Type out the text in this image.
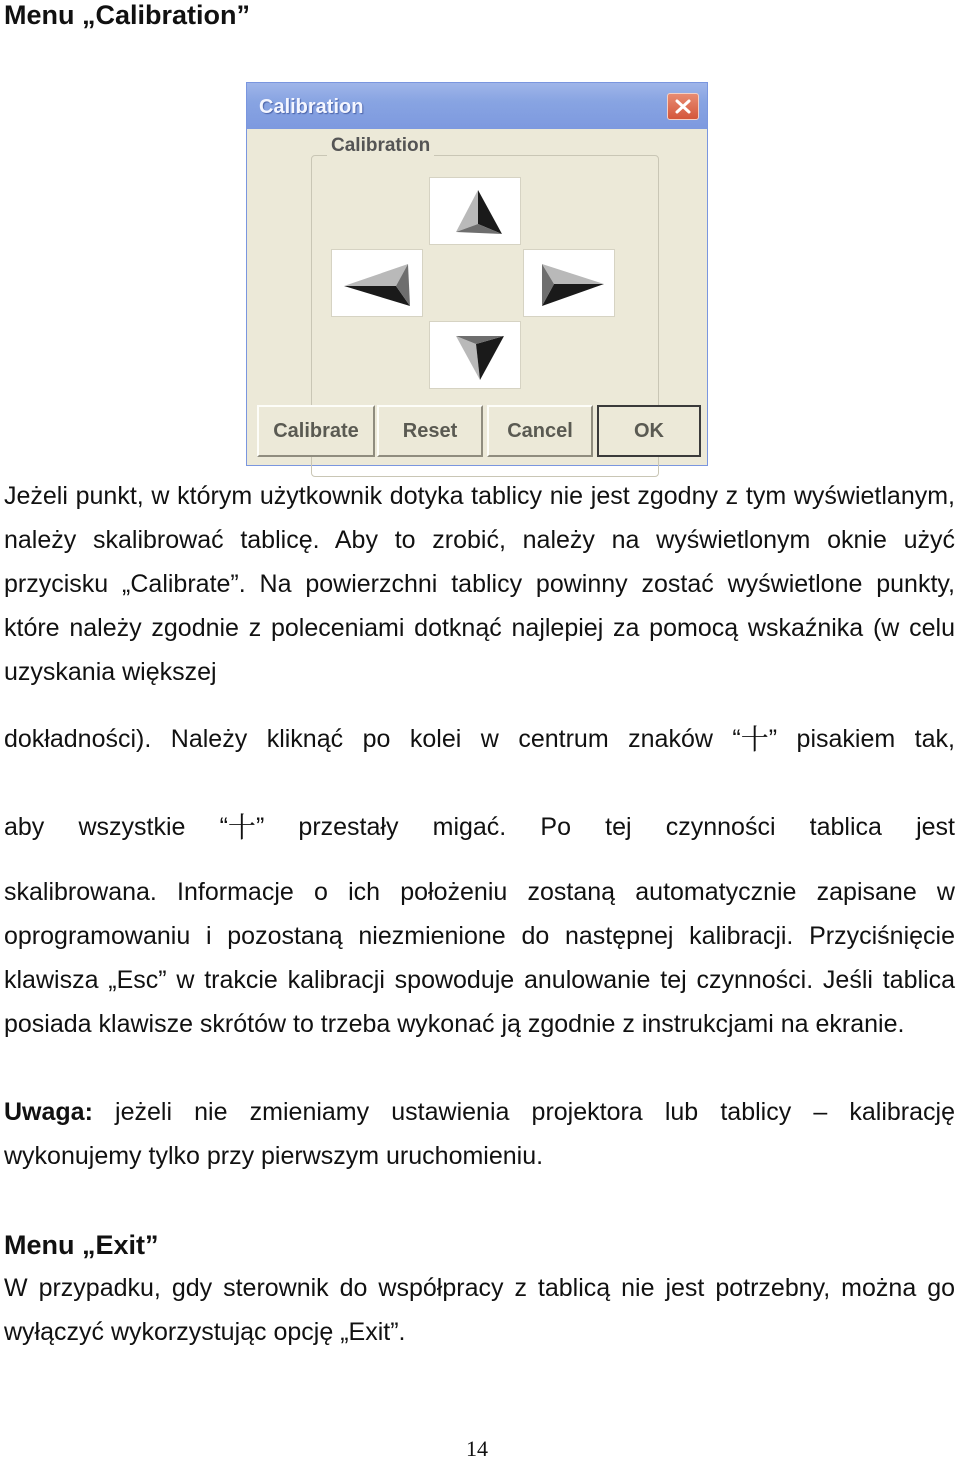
Menu „Calibration”
Calibration
Calibration
Calibrate	Reset	Cancel	OK

Jeżeli punkt, w którym użytkownik dotyka tablicy nie jest zgodny z tym wyświetlanym, należy skalibrować tablicę. Aby to zrobić, należy na wyświetlonym oknie użyć przycisku „Calibrate”. Na powierzchni tablicy powinny zostać wyświetlone punkty, które należy zgodnie z poleceniami dotknąć najlepiej za pomocą wskaźnika (w celu uzyskania większej

dokładności). Należy kliknąć po kolei w centrum znaków “十” pisakiem tak,
aby wszystkie “十” przestały migać. Po tej czynności tablica jest

skalibrowana. Informacje o ich położeniu zostaną automatycznie zapisane w oprogramowaniu i pozostaną niezmienione do następnej kalibracji. Przyciśnięcie klawisza „Esc” w trakcie kalibracji spowoduje anulowanie tej czynności. Jeśli tablica posiada klawisze skrótów to trzeba wykonać ją zgodnie z instrukcjami na ekranie.

Uwaga: jeżeli nie zmieniamy ustawienia projektora lub tablicy – kalibrację wykonujemy tylko przy pierwszym uruchomieniu.

Menu „Exit”

W przypadku, gdy sterownik do współpracy z tablicą nie jest potrzebny, można go wyłączyć wykorzystując opcję „Exit”.

14
